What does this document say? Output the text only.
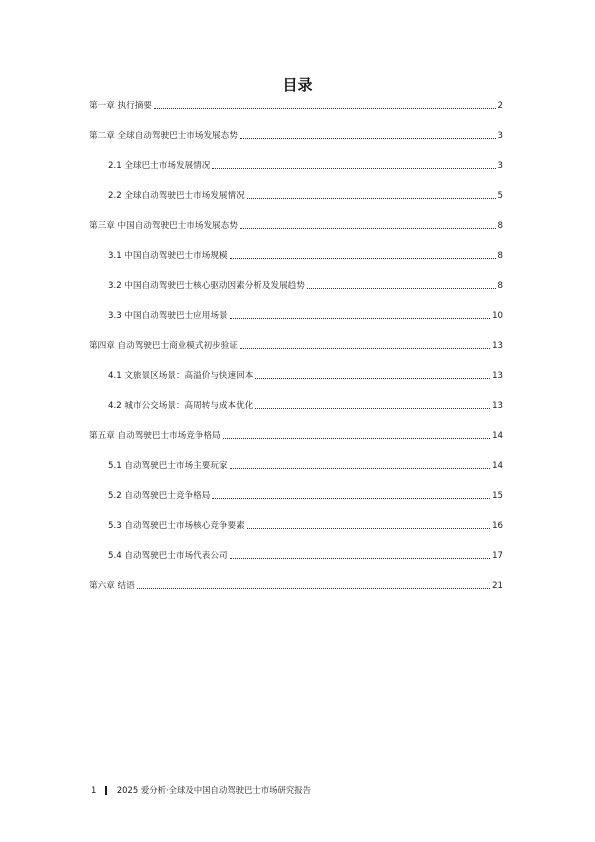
目录
第一章 执行摘要	2
第二章 全球自动驾驶巴士市场发展态势	3
2.1 全球巴士市场发展情况	3
2.2 全球自动驾驶巴士市场发展情况	5
第三章 中国自动驾驶巴士市场发展态势	8
3.1 中国自动驾驶巴士市场规模	8
3.2 中国自动驾驶巴士核心驱动因素分析及发展趋势	8
3.3 中国自动驾驶巴士应用场景	10
第四章 自动驾驶巴士商业模式初步验证	13
4.1 文旅景区场景：高溢价与快速回本	13
4.2 城市公交场景：高周转与成本优化	13
第五章 自动驾驶巴士市场竞争格局	14
5.1 自动驾驶巴士市场主要玩家	14
5.2 自动驾驶巴士竞争格局	15
5.3 自动驾驶巴士市场核心竞争要素	16
5.4 自动驾驶巴士市场代表公司	17
第六章 结语	21
1 2025 爱分析·全球及中国自动驾驶巴士市场研究报告
